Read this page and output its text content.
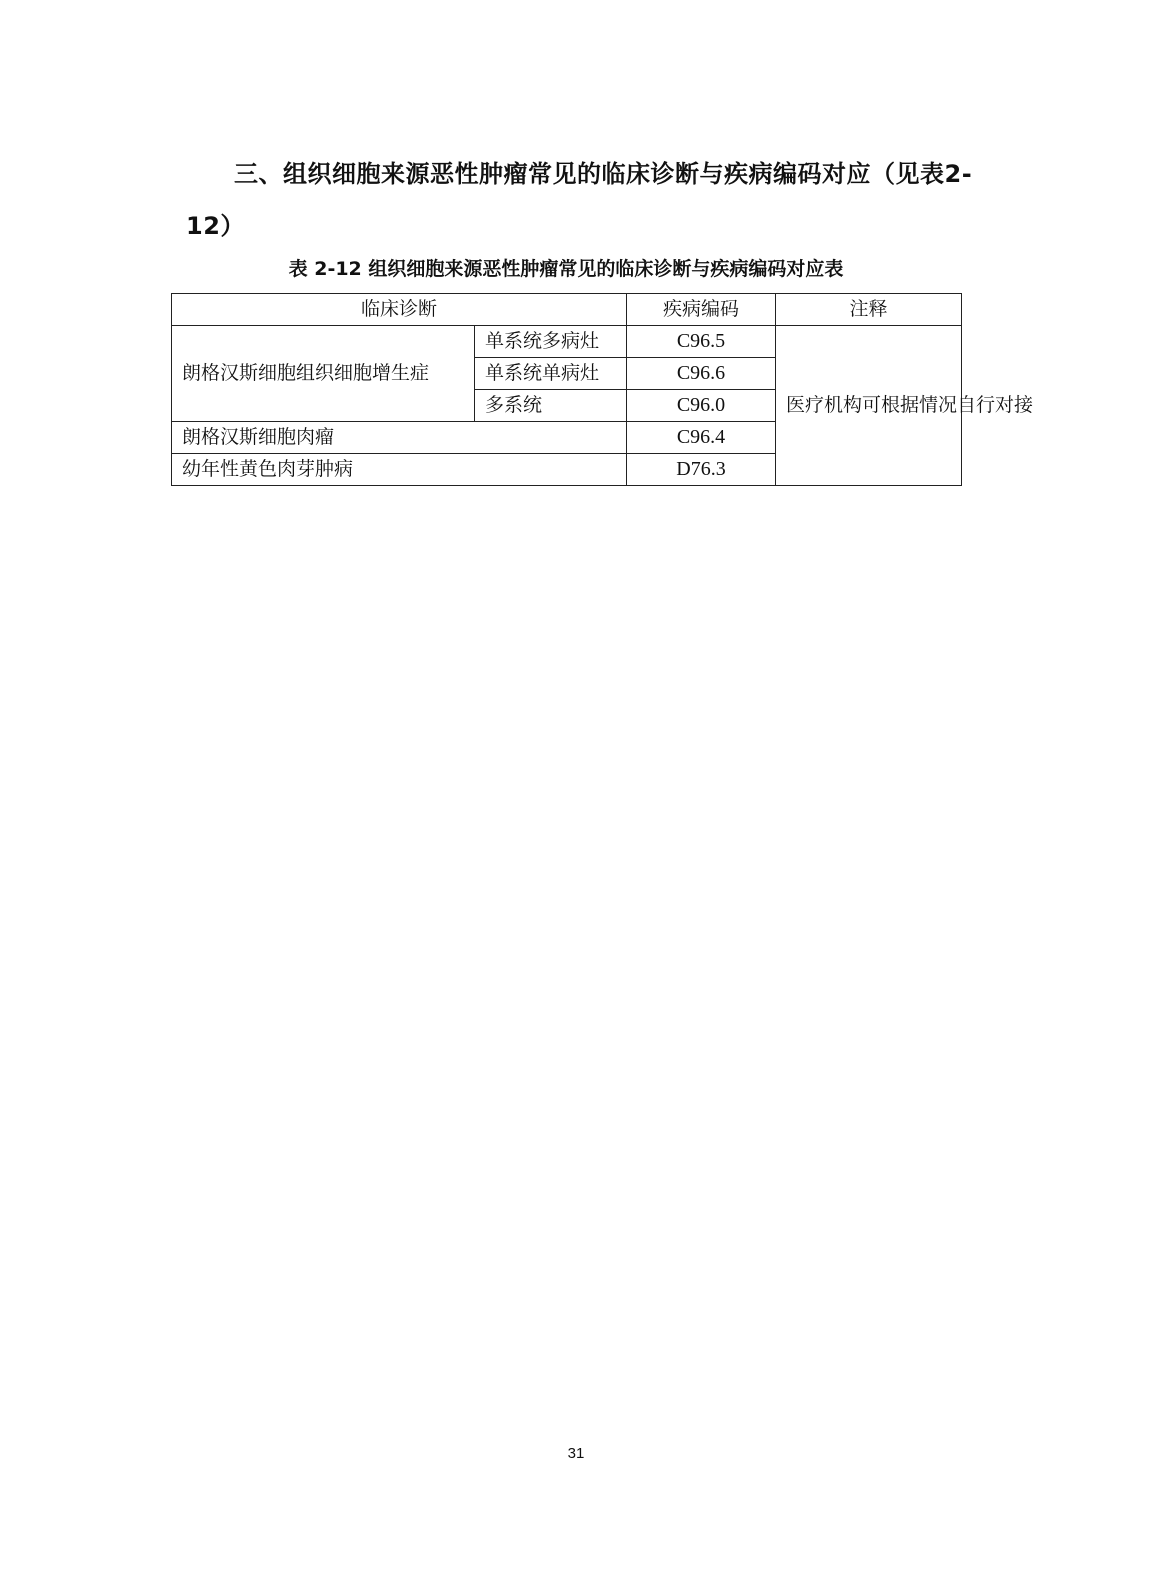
三、组织细胞来源恶性肿瘤常见的临床诊断与疾病编码对应（见表2-12）
表 2-12 组织细胞来源恶性肿瘤常见的临床诊断与疾病编码对应表
临床诊断		疾病编码	注释
朗格汉斯细胞组织细胞增生症	单系统多病灶	C96.5	医疗机构可根据情况自行对接
	单系统单病灶	C96.6	
	多系统	C96.0	
朗格汉斯细胞肉瘤		C96.4	
幼年性黄色肉芽肿病		D76.3	
31
